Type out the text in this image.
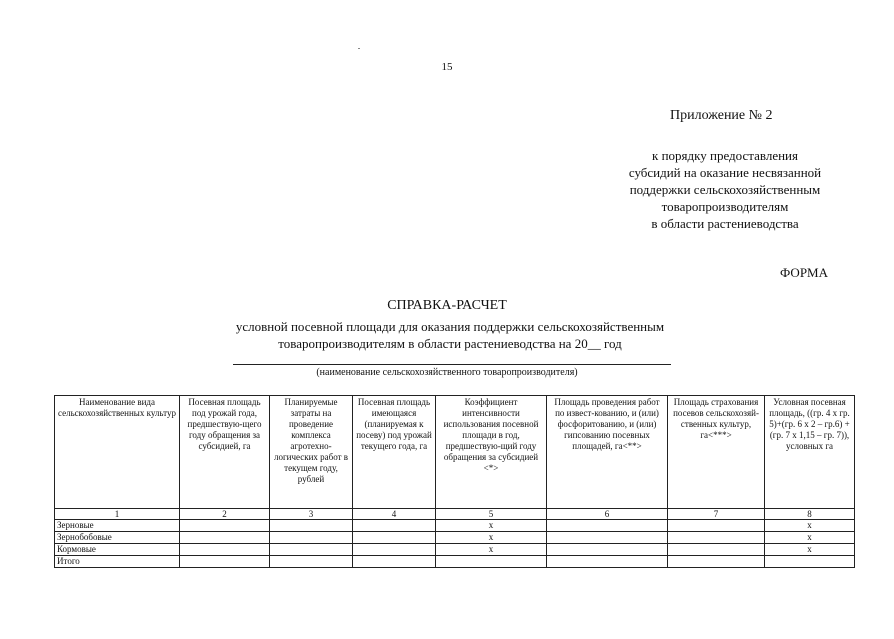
15
Приложение № 2
к порядку предоставления
субсидий на оказание несвязанной
поддержки сельскохозяйственным
товаропроизводителям
в области растениеводства
ФОРМА
СПРАВКА-РАСЧЕТ
условной посевной площади для оказания поддержки сельскохозяйственным
товаропроизводителям в области растениеводства на 20__ год
(наименование сельскохозяйственного товаропроизводителя)
Наименование вида сельскохозяйственных культур	Посевная площадь под урожай года, предшествую-щего году обращения за субсидией, га	Планируемые затраты на проведение комплекса агротехно-логических работ в текущем году, рублей	Посевная площадь имеющаяся (планируемая к посеву) под урожай текущего года, га	Коэффициент интенсивности использования посевной площади в год, предшествую-щий году обращения за субсидией <*>	Площадь проведения работ по извест-кованию, и (или) фосфоритованию, и (или) гипсованию посевных площадей, га<**>	Площадь страхования посевов сельскохозяй-ственных культур, га<***>	Условная посевная площадь, ((гр. 4 x гр. 5)+(гр. 6 x 2 – гр.6) + (гр. 7 x 1,15 – гр. 7)), условных га
1	2	3	4	5	6	7	8
Зерновые				x			x
Зернобобовые				x			x
Кормовые				x			x
Итого							
